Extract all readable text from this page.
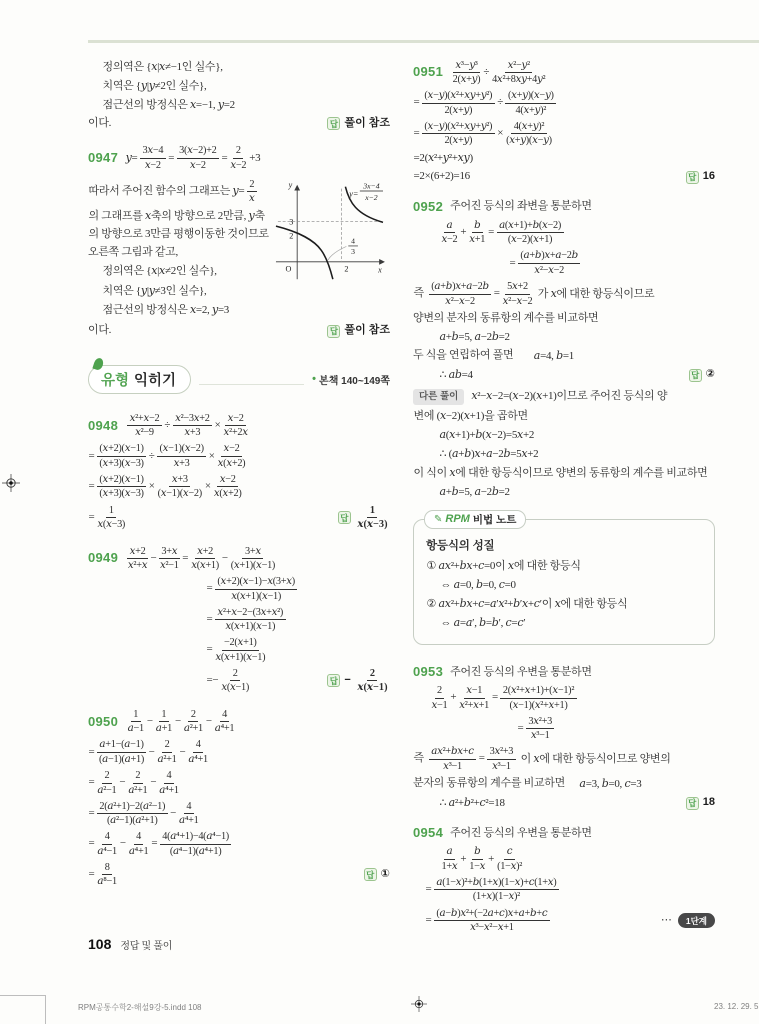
정의역은 {x|x≠−1인 실수},
치역은 {y|y≠2인 실수},
점근선의 방정식은 x=−1, y=2
이다.	답 풀이 참조
0947 $y= \frac{3x-4}{x-2} = \frac{3(x-2)+2}{x-2} = \frac{2}{x-2} +3$
따라서 주어진 함수의 그래프는 $y= \frac{2}{x}$
의 그래프를 x축의 방향으로 2만큼, y축
의 방향으로 3만큼 평행이동한 것이므로
오른쪽 그림과 같고,
정의역은 {x|x≠2인 실수},
치역은 {y|y≠3인 실수},
점근선의 방정식은 x=2, y=3
y
x
O
3
2
2
4
3
y=
3x−4
x−2
이다.	답 풀이 참조
유형 익히기	• 본책 140~149쪽
$0948 \frac{\text{x²+x−2}}{\text{x²−9}} \div \frac{\text{x²−3x+2}}{x+3} \times \frac{x-2}{\text{x²+2x}}$
= $\frac{(x+2)(x-1)}{(x+3)(x-3)} \div \frac{(x-1)(x-2)}{x+3} \times \frac{x-2}{x(x+2)}$
= $\frac{(x+2)(x-1)}{(x+3)(x-3)} \times \frac{x+3}{(x-1)(x-2)} \times \frac{x-2}{x(x+2)}$
= $\frac{1}{x(x-3)}$	답 $\frac{1}{x(x-3)}$
$0949 \frac{x+2}{\text{x²+x}} - \frac{3+x}{\text{x²−1}} = \frac{x+2}{x(x+1)} - \frac{3+x}{(x+1)(x-1)}$
= $\frac{(x+2)(x-1)-x(3+x)}{x(x+1)(x-1)}$
= $\frac{\text{x²+x−2−(3x+x²)}}{x(x+1)(x-1)}$
= $\frac{-2(x+1)}{x(x+1)(x-1)}$
=− $\frac{2}{x(x-1)}$	답 − $\frac{2}{x(x-1)}$
$0950 \frac{1}{a-1} - \frac{1}{a+1} - \frac{2}{\text{a²+1}} - \frac{4}{\text{a⁴+1}}$
= $\frac{a+1-(a-1)}{(a-1)(a+1)} - \frac{2}{\text{a²+1}} - \frac{4}{\text{a⁴+1}}$
= $\frac{2}{\text{a²−1}} - \frac{2}{\text{a²+1}} - \frac{4}{\text{a⁴+1}}$
= $\frac{\text{2(a²+1)−2(a²−1)}}{\text{(a²−1)(a²+1)}} - \frac{4}{\text{a⁴+1}}$
= $\frac{4}{\text{a⁴−1}} - \frac{4}{\text{a⁴+1}} = \frac{\text{4(a⁴+1)−4(a⁴−1)}}{\text{(a⁴−1)(a⁴+1)}}$
= $\frac{8}{\text{a⁸−1}}$	답 ①
$0951 \frac{\text{x³−y³}}{2(x+y)} \div \frac{\text{x²−y²}}{\text{4x²+8xy+4y²}}$
= $\frac{\text{(x−y)(x²+xy+y²)}}{2(x+y)} \div \frac{(x+y)(x-y)}{\text{4(x+y)²}}$
= $\frac{\text{(x−y)(x²+xy+y²)}}{2(x+y)} \times \frac{\text{4(x+y)²}}{(x+y)(x-y)}$
=2(x²+y²+xy)
=2×(6+2)=16	답 16
0952 주어진 등식의 좌변을 통분하면
$\frac{a}{x-2} + \frac{b}{x+1} = \frac{a(x+1)+b(x-2)}{(x-2)(x+1)}$
= $\frac{(a+b)x+a-2b}{\text{x²−x−2}}$
즉 $\frac{(a+b)x+a-2b}{\text{x²−x−2}} = \frac{5x+2}{\text{x²−x−2}}$ 가 x에 대한 항등식이므로
양변의 분자의 동류항의 계수를 비교하면
a+b=5, a−2b=2
두 식을 연립하여 풀면 a=4, b=1
∴ ab=4	답 ②
다른 풀이	x²−x−2=(x−2)(x+1)이므로 주어진 등식의 양
변에 (x−2)(x+1)을 곱하면
a(x+1)+b(x−2)=5x+2
∴ (a+b)x+a−2b=5x+2
이 식이 x에 대한 항등식이므로 양변의 동류항의 계수를 비교하면
a+b=5, a−2b=2
✎ RPM 비법 노트
항등식의 성질
① ax²+bx+c=0이 x에 대한 항등식
⇔ a=0, b=0, c=0
② ax²+bx+c=a′x²+b′x+c′이 x에 대한 항등식
⇔ a=a′, b=b′, c=c′
0953 주어진 등식의 우변을 통분하면
$\frac{2}{x-1} + \frac{x-1}{\text{x²+x+1}} = \frac{\text{2(x²+x+1)+(x−1)²}}{\text{(x−1)(x²+x+1)}}$
= $\frac{\text{3x²+3}}{\text{x³−1}}$
즉 $\frac{\text{ax²+bx+c}}{\text{x³−1}} = \frac{\text{3x²+3}}{\text{x³−1}}$ 이 x에 대한 항등식이므로 양변의
분자의 동류항의 계수를 비교하면 a=3, b=0, c=3
∴ a²+b²+c²=18	답 18
0954 주어진 등식의 우변을 통분하면
$\frac{a}{1+x} + \frac{b}{1-x} + \frac{c}{\text{(1−x)²}}$
= $\frac{\text{a(1−x)²+b(1+x)(1−x)+c(1+x)}}{\text{(1+x)(1−x)²}}$
= $\frac{\text{(a−b)x²+(−2a+c)x+a+b+c}}{\text{x³−x²−x+1}}$	⋯	1단계
108 정답 및 풀이
RPM공통수학2-해설9강-5.indd 108	23. 12. 29. 5
